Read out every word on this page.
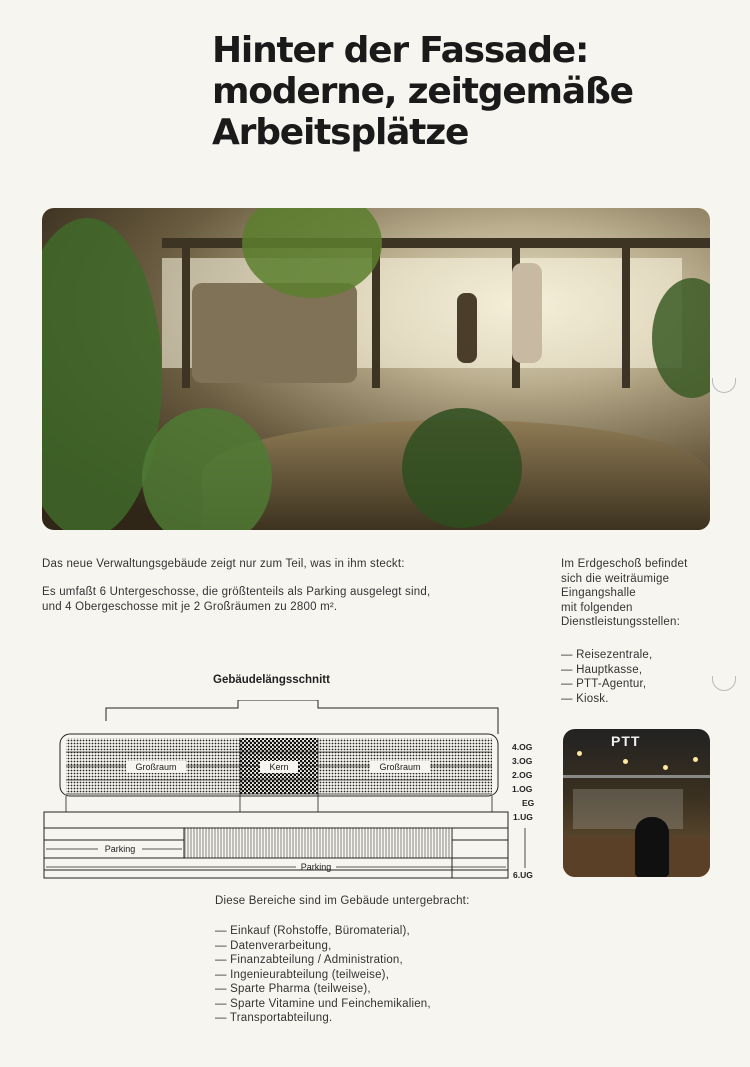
Hinter der Fassade:
moderne, zeitgemäße
Arbeitsplätze

Das neue Verwaltungsgebäude zeigt nur zum Teil, was in ihm steckt:

Es umfaßt 6 Untergeschosse, die größtenteils als Parking ausgelegt sind,
und 4 Obergeschosse mit je 2 Großräumen zu 2800 m².

Im Erdgeschoß befindet
sich die weiträumige
Eingangshalle
mit folgenden
Dienstleistungsstellen:

— Reisezentrale,
— Hauptkasse,
— PTT-Agentur,
— Kiosk.
PTT
Gebäudelängsschnitt
Großraum	Kern	Großraum
Parking
Parking
4.OG
3.OG
2.OG
1.OG
EG
1.UG
6.UG

Diese Bereiche sind im Gebäude untergebracht:

— Einkauf (Rohstoffe, Büromaterial),
— Datenverarbeitung,
— Finanzabteilung / Administration,
— Ingenieurabteilung (teilweise),
— Sparte Pharma (teilweise),
— Sparte Vitamine und Feinchemikalien,
— Transportabteilung.
